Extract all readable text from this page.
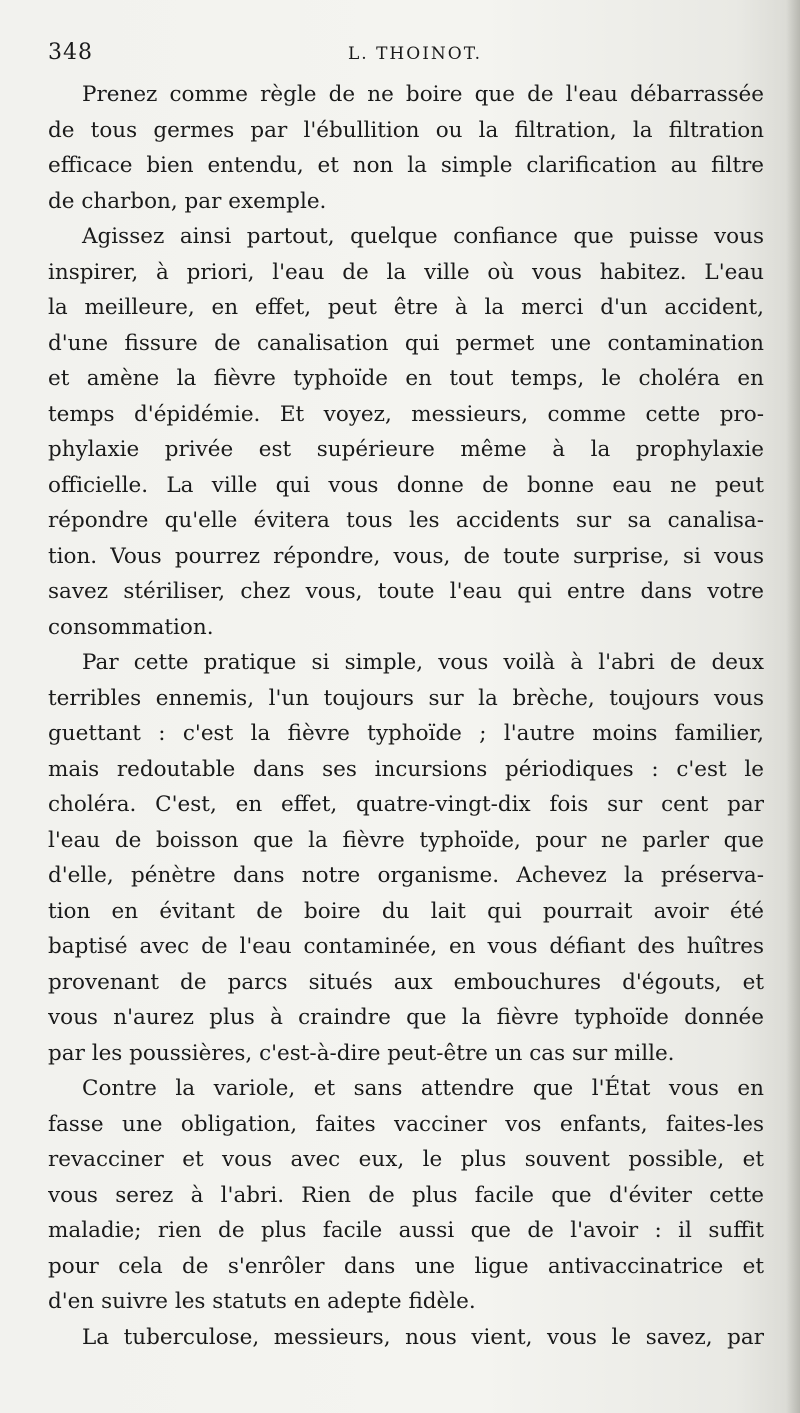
348	L. THOINOT.
Prenez comme règle de ne boire que de l'eau débarrassée
de tous germes par l'ébullition ou la filtration, la filtration
efficace bien entendu, et non la simple clarification au filtre
de charbon, par exemple.
Agissez ainsi partout, quelque confiance que puisse vous
inspirer, à priori, l'eau de la ville où vous habitez. L'eau
la meilleure, en effet, peut être à la merci d'un accident,
d'une fissure de canalisation qui permet une contamination
et amène la fièvre typhoïde en tout temps, le choléra en
temps d'épidémie. Et voyez, messieurs, comme cette pro-
phylaxie privée est supérieure même à la prophylaxie
officielle. La ville qui vous donne de bonne eau ne peut
répondre qu'elle évitera tous les accidents sur sa canalisa-
tion. Vous pourrez répondre, vous, de toute surprise, si vous
savez stériliser, chez vous, toute l'eau qui entre dans votre
consommation.
Par cette pratique si simple, vous voilà à l'abri de deux
terribles ennemis, l'un toujours sur la brèche, toujours vous
guettant : c'est la fièvre typhoïde ; l'autre moins familier,
mais redoutable dans ses incursions périodiques : c'est le
choléra. C'est, en effet, quatre-vingt-dix fois sur cent par
l'eau de boisson que la fièvre typhoïde, pour ne parler que
d'elle, pénètre dans notre organisme. Achevez la préserva-
tion en évitant de boire du lait qui pourrait avoir été
baptisé avec de l'eau contaminée, en vous défiant des huîtres
provenant de parcs situés aux embouchures d'égouts, et
vous n'aurez plus à craindre que la fièvre typhoïde donnée
par les poussières, c'est-à-dire peut-être un cas sur mille.
Contre la variole, et sans attendre que l'État vous en
fasse une obligation, faites vacciner vos enfants, faites-les
revacciner et vous avec eux, le plus souvent possible, et
vous serez à l'abri. Rien de plus facile que d'éviter cette
maladie; rien de plus facile aussi que de l'avoir : il suffit
pour cela de s'enrôler dans une ligue antivaccinatrice et
d'en suivre les statuts en adepte fidèle.
La tuberculose, messieurs, nous vient, vous le savez, par
